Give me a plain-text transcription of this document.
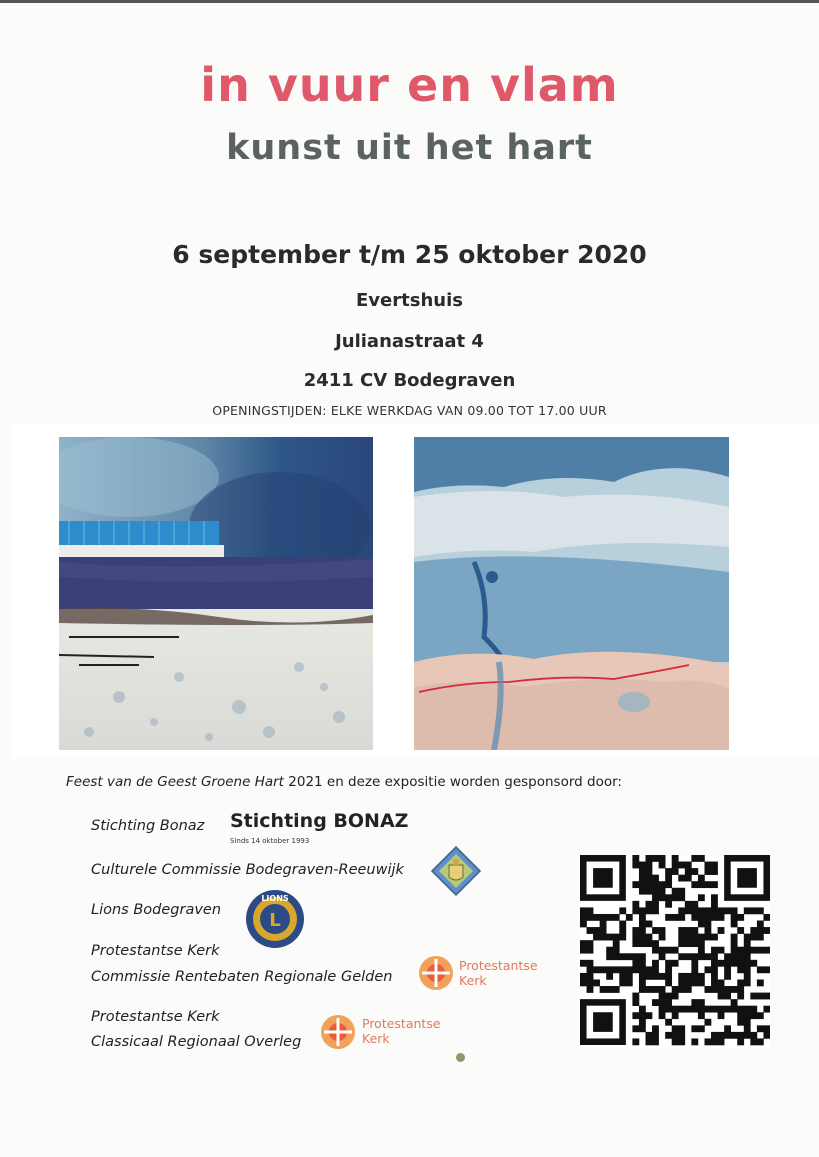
in vuur en vlam
kunst uit het hart
6 september t/m 25 oktober 2020
Evertshuis
Julianastraat 4
2411 CV Bodegraven
OPENINGSTIJDEN: ELKE WERKDAG VAN 09.00 TOT 17.00 UUR
Feest van de Geest Groene Hart 2021 en deze expositie worden gesponsord door:
Stichting Bonaz
Culturele Commissie Bodegraven-Reeuwijk
Lions Bodegraven
Protestantse Kerk
Commissie Rentebaten Regionale Gelden
Protestantse Kerk
Classicaal Regionaal Overleg
Stichting BONAZ
Sinds 14 oktober 1993
L
LIONS
Protestantse
Kerk
Protestantse
Kerk
